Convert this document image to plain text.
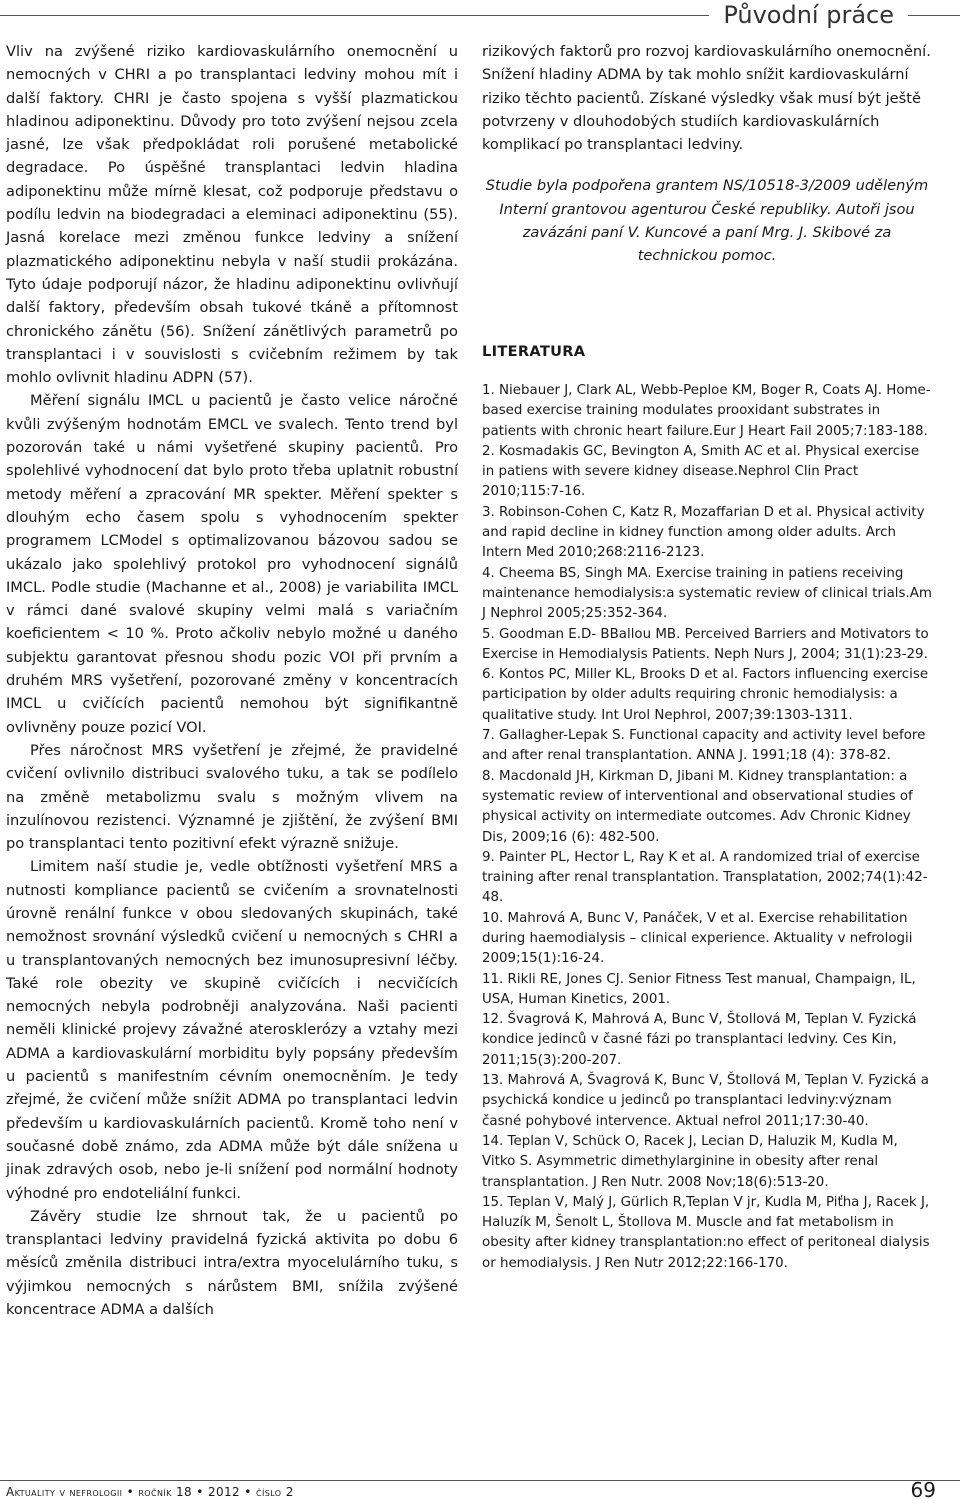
Původní práce

Vliv na zvýšené riziko kardiovaskulárního onemocnění u nemocných v CHRI a po transplantaci ledviny mohou mít i další faktory. CHRI je často spojena s vyšší plazmatickou hladinou adiponektinu. Důvody pro toto zvýšení nejsou zcela jasné, lze však předpokládat roli porušené metabolické degradace. Po úspěšné transplantaci ledvin hladina adiponektinu může mírně klesat, což podporuje představu o podílu ledvin na biodegradaci a eleminaci adiponektinu (55). Jasná korelace mezi změnou funkce ledviny a snížení plazmatického adiponektinu nebyla v naší studii prokázána. Tyto údaje podporují názor, že hladinu adiponektinu ovlivňují další faktory, především obsah tukové tkáně a přítomnost chronického zánětu (56). Snížení zánětlivých parametrů po transplantaci i v souvislosti s cvičebním režimem by tak mohlo ovlivnit hladinu ADPN (57).

Měření signálu IMCL u pacientů je často velice náročné kvůli zvýšeným hodnotám EMCL ve svalech. Tento trend byl pozorován také u námi vyšetřené skupiny pacientů. Pro spolehlivé vyhodnocení dat bylo proto třeba uplatnit robustní metody měření a zpracování MR spekter. Měření spekter s dlouhým echo časem spolu s vyhodnocením spekter programem LCModel s optimalizovanou bázovou sadou se ukázalo jako spolehlivý protokol pro vyhodnocení signálů IMCL. Podle studie (Machanne et al., 2008) je variabilita IMCL v rámci dané svalové skupiny velmi malá s variačním koeficientem < 10 %. Proto ačkoliv nebylo možné u daného subjektu garantovat přesnou shodu pozic VOI při prvním a druhém MRS vyšetření, pozorované změny v koncentracích IMCL u cvičících pacientů nemohou být signifikantně ovlivněny pouze pozicí VOI.

Přes náročnost MRS vyšetření je zřejmé, že pravidelné cvičení ovlivnilo distribuci svalového tuku, a tak se podílelo na změně metabolizmu svalu s možným vlivem na inzulínovou rezistenci. Významné je zjištění, že zvýšení BMI po transplantaci tento pozitivní efekt výrazně snižuje.

Limitem naší studie je, vedle obtížnosti vyšetření MRS a nutnosti kompliance pacientů se cvičením a srovnatelnosti úrovně renální funkce v obou sledovaných skupinách, také nemožnost srovnání výsledků cvičení u nemocných s CHRI a u transplantovaných nemocných bez imunosupresivní léčby. Také role obezity ve skupině cvičících i necvičících nemocných nebyla podrobněji analyzována. Naši pacienti neměli klinické projevy závažné aterosklerózy a vztahy mezi ADMA a kardiovaskulární morbiditu byly popsány především u pacientů s manifestním cévním onemocněním. Je tedy zřejmé, že cvičení může snížit ADMA po transplantaci ledvin především u kardiovaskulárních pacientů. Kromě toho není v současné době známo, zda ADMA může být dále snížena u jinak zdravých osob, nebo je-li snížení pod normální hodnoty výhodné pro endoteliální funkci.

Závěry studie lze shrnout tak, že u pacientů po transplantaci ledviny pravidelná fyzická aktivita po dobu 6 měsíců změnila distribuci intra/extra myocelulárního tuku, s výjimkou nemocných s nárůstem BMI, snížila zvýšené koncentrace ADMA a dalších

rizikových faktorů pro rozvoj kardiovaskulárního onemocnění. Snížení hladiny ADMA by tak mohlo snížit kardiovaskulární riziko těchto pacientů. Získané výsledky však musí být ještě potvrzeny v dlouhodobých studiích kardiovaskulárních komplikací po transplantaci ledviny.

Studie byla podpořena grantem NS/10518-3/2009 uděleným Interní grantovou agenturou České republiky. Autoři jsou zavázáni paní V. Kuncové a paní Mrg. J. Skibové za technickou pomoc.

LITERATURA
1. Niebauer J, Clark AL, Webb-Peploe KM, Boger R, Coats AJ. Home-based exercise training modulates prooxidant substrates in patients with chronic heart failure.Eur J Heart Fail 2005;7:183-188.
2. Kosmadakis GC, Bevington A, Smith AC et al. Physical exercise in patiens with severe kidney disease.Nephrol Clin Pract 2010;115:7-16.
3. Robinson-Cohen C, Katz R, Mozaffarian D et al. Physical activity and rapid decline in kidney function among older adults. Arch Intern Med 2010;268:2116-2123.
4. Cheema BS, Singh MA. Exercise training in patiens receiving maintenance hemodialysis:a systematic review of clinical trials.Am J Nephrol 2005;25:352-364.
5. Goodman E.D- BBallou MB. Perceived Barriers and Motivators to Exercise in Hemodialysis Patients. Neph Nurs J, 2004; 31(1):23-29.
6. Kontos PC, Miller KL, Brooks D et al. Factors influencing exercise participation by older adults requiring chronic hemodialysis: a qualitative study. Int Urol Nephrol, 2007;39:1303-1311.
7. Gallagher-Lepak S. Functional capacity and activity level before and after renal transplantation. ANNA J. 1991;18 (4): 378-82.
8. Macdonald JH, Kirkman D, Jibani M. Kidney transplantation: a systematic review of interventional and observational studies of physical activity on intermediate outcomes. Adv Chronic Kidney Dis, 2009;16 (6): 482-500.
9. Painter PL, Hector L, Ray K et al. A randomized trial of exercise training after renal transplantation. Transplatation, 2002;74(1):42-48.
10. Mahrová A, Bunc V, Panáček, V et al. Exercise rehabilitation during haemodialysis – clinical experience. Aktuality v nefrologii 2009;15(1):16-24.
11. Rikli RE, Jones CJ. Senior Fitness Test manual, Champaign, IL, USA, Human Kinetics, 2001.
12. Švagrová K, Mahrová A, Bunc V, Štollová M, Teplan V. Fyzická kondice jedinců v časné fázi po transplantaci ledviny. Ces Kin, 2011;15(3):200-207.
13. Mahrová A, Švagrová K, Bunc V, Štollová M, Teplan V. Fyzická a psychická kondice u jedinců po transplantaci ledviny:význam časné pohybové intervence. Aktual nefrol 2011;17:30-40.
14. Teplan V, Schück O, Racek J, Lecian D, Haluzik M, Kudla M, Vitko S. Asymmetric dimethylarginine in obesity after renal transplantation. J Ren Nutr. 2008 Nov;18(6):513-20.
15. Teplan V, Malý J, Gürlich R,Teplan V jr, Kudla M, Piťha J, Racek J, Haluzík M, Šenolt L, Štollova M. Muscle and fat metabolism in obesity after kidney transplantation:no effect of peritoneal dialysis or hemodialysis. J Ren Nutr 2012;22:166-170.
Aktuality v nefrologii • ročník 18 • 2012 • číslo 2	69
